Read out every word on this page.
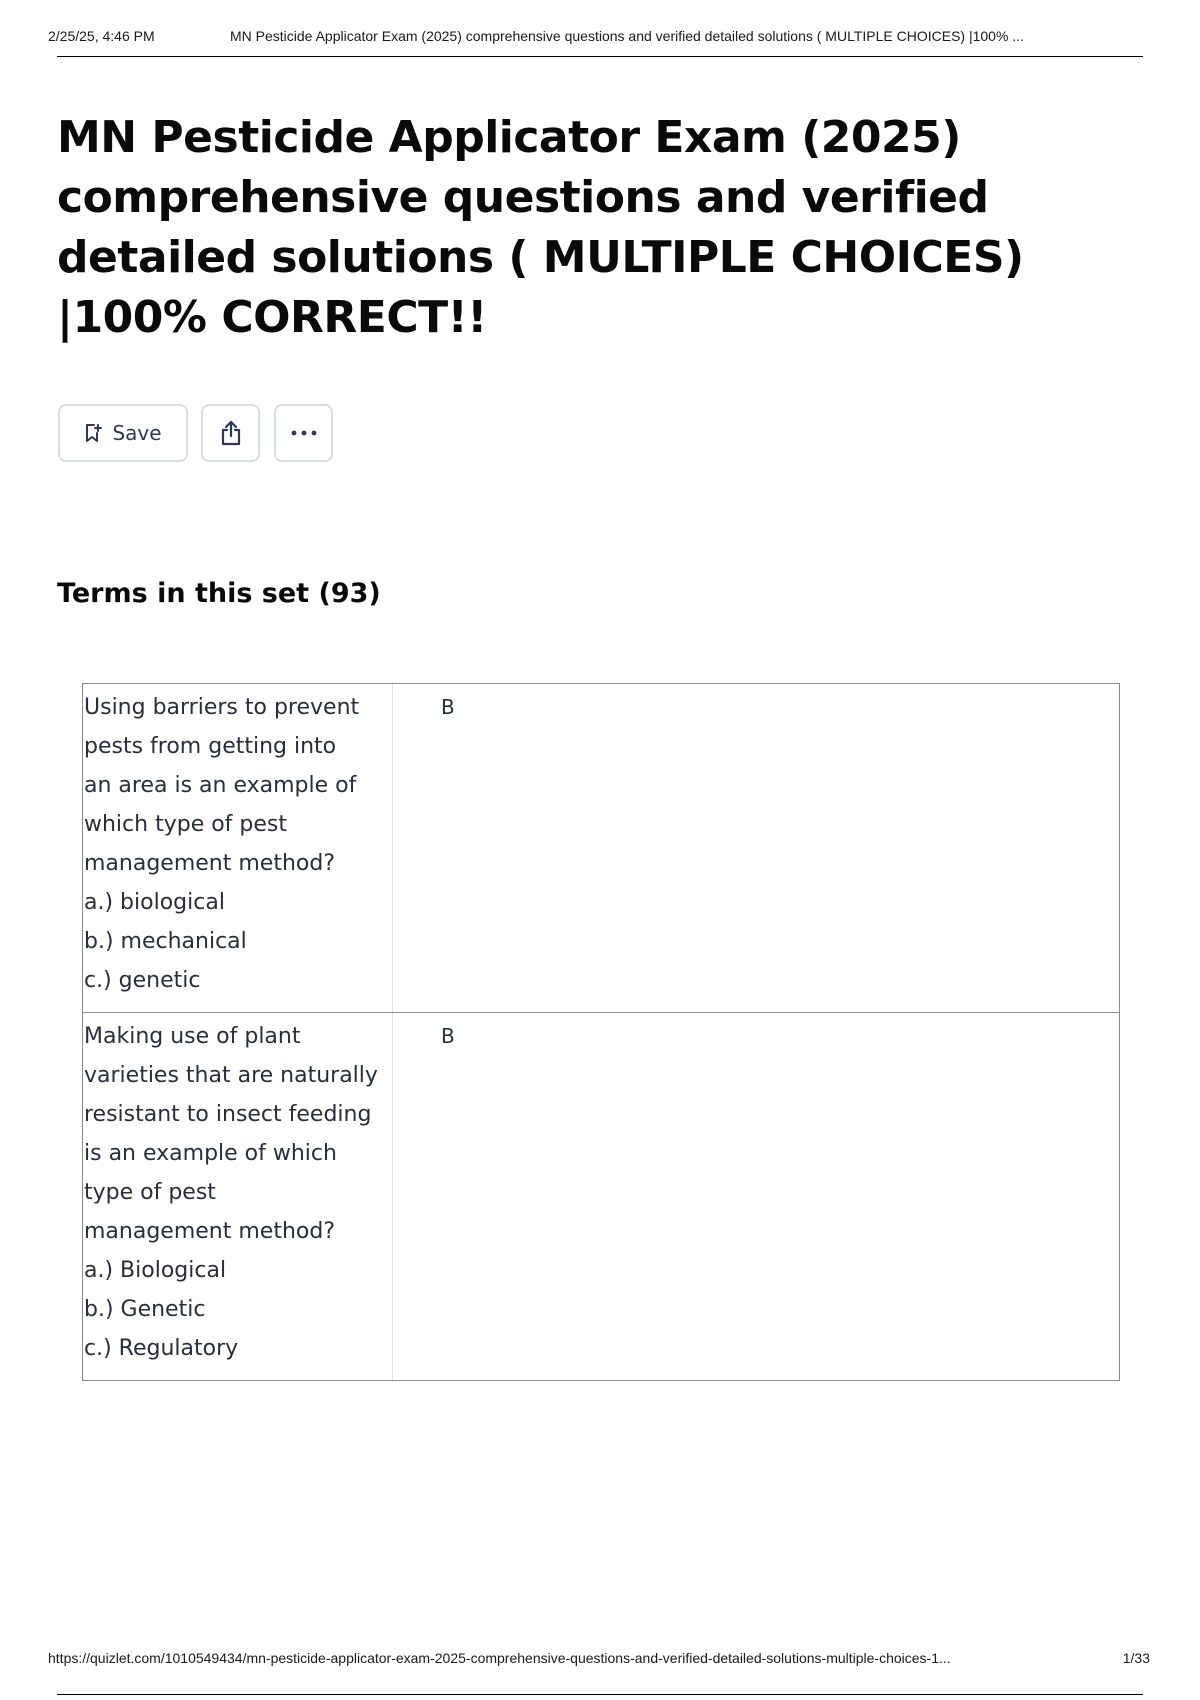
2/25/25, 4:46 PM	MN Pesticide Applicator Exam (2025) comprehensive questions and verified detailed solutions ( MULTIPLE CHOICES) |100% ...
MN Pesticide Applicator Exam (2025) comprehensive questions and verified detailed solutions ( MULTIPLE CHOICES) |100% CORRECT!!
Save
Terms in this set (93)
Using barriers to prevent
pests from getting into
an area is an example of
which type of pest
management method?
a.) biological
b.) mechanical
c.) genetic
B
Making use of plant
varieties that are naturally
resistant to insect feeding
is an example of which
type of pest
management method?
a.) Biological
b.) Genetic
c.) Regulatory
B
https://quizlet.com/1010549434/mn-pesticide-applicator-exam-2025-comprehensive-questions-and-verified-detailed-solutions-multiple-choices-1...	1/33
